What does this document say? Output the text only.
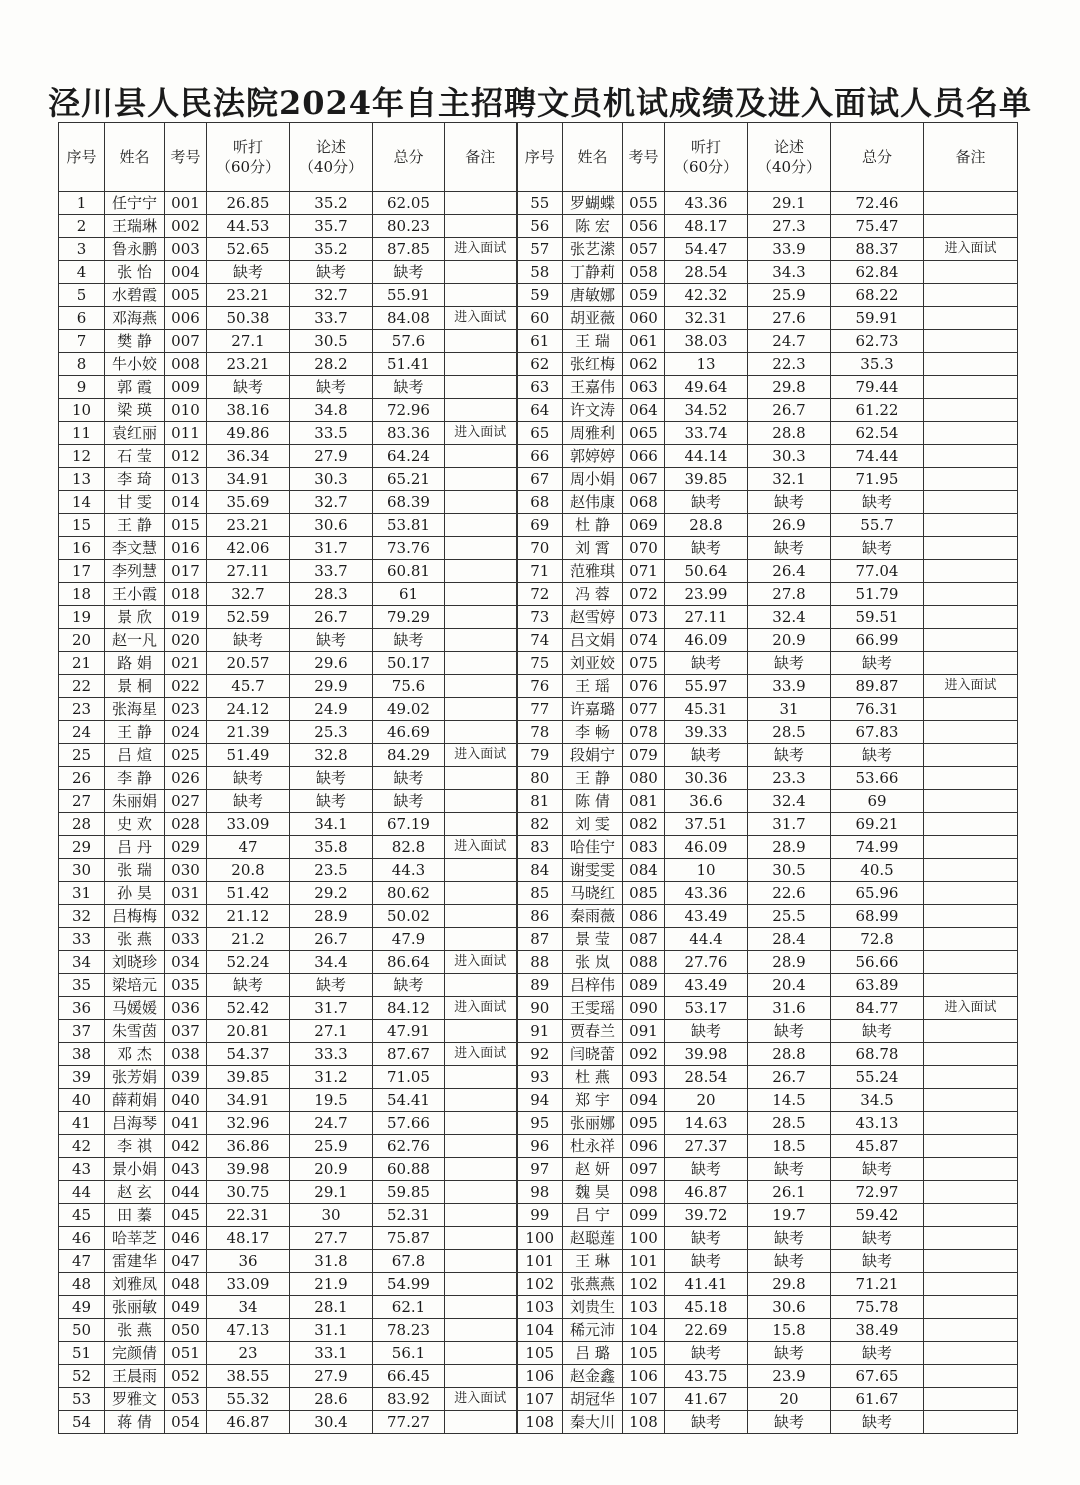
泾川县人民法院2024年自主招聘文员机试成绩及进入面试人员名单
序号	姓名	考号	听打
（60分）	论述
（40分）	总分	备注	序号	姓名	考号	听打
（60分）	论述
（40分）	总分	备注
1	任宁宁	001	26.85	35.2	62.05		55	罗蝴蝶	055	43.36	29.1	72.46	
2	王瑞琳	002	44.53	35.7	80.23		56	陈 宏	056	48.17	27.3	75.47	
3	鲁永鹏	003	52.65	35.2	87.85	进入面试	57	张艺潆	057	54.47	33.9	88.37	进入面试
4	张 怡	004	缺考	缺考	缺考		58	丁静莉	058	28.54	34.3	62.84	
5	水碧霞	005	23.21	32.7	55.91		59	唐敏娜	059	42.32	25.9	68.22	
6	邓海燕	006	50.38	33.7	84.08	进入面试	60	胡亚薇	060	32.31	27.6	59.91	
7	樊 静	007	27.1	30.5	57.6		61	王 瑞	061	38.03	24.7	62.73	
8	牛小姣	008	23.21	28.2	51.41		62	张红梅	062	13	22.3	35.3	
9	郭 霞	009	缺考	缺考	缺考		63	王嘉伟	063	49.64	29.8	79.44	
10	梁 瑛	010	38.16	34.8	72.96		64	许文涛	064	34.52	26.7	61.22	
11	袁红丽	011	49.86	33.5	83.36	进入面试	65	周雅利	065	33.74	28.8	62.54	
12	石 莹	012	36.34	27.9	64.24		66	郭婷婷	066	44.14	30.3	74.44	
13	李 琦	013	34.91	30.3	65.21		67	周小娟	067	39.85	32.1	71.95	
14	甘 雯	014	35.69	32.7	68.39		68	赵伟康	068	缺考	缺考	缺考	
15	王 静	015	23.21	30.6	53.81		69	杜 静	069	28.8	26.9	55.7	
16	李文慧	016	42.06	31.7	73.76		70	刘 霄	070	缺考	缺考	缺考	
17	李列慧	017	27.11	33.7	60.81		71	范雅琪	071	50.64	26.4	77.04	
18	王小霞	018	32.7	28.3	61		72	冯 蓉	072	23.99	27.8	51.79	
19	景 欣	019	52.59	26.7	79.29		73	赵雪婷	073	27.11	32.4	59.51	
20	赵一凡	020	缺考	缺考	缺考		74	吕文娟	074	46.09	20.9	66.99	
21	路 娟	021	20.57	29.6	50.17		75	刘亚姣	075	缺考	缺考	缺考	
22	景 桐	022	45.7	29.9	75.6		76	王 瑶	076	55.97	33.9	89.87	进入面试
23	张海星	023	24.12	24.9	49.02		77	许嘉璐	077	45.31	31	76.31	
24	王 静	024	21.39	25.3	46.69		78	李 畅	078	39.33	28.5	67.83	
25	吕 煊	025	51.49	32.8	84.29	进入面试	79	段娟宁	079	缺考	缺考	缺考	
26	李 静	026	缺考	缺考	缺考		80	王 静	080	30.36	23.3	53.66	
27	朱丽娟	027	缺考	缺考	缺考		81	陈 倩	081	36.6	32.4	69	
28	史 欢	028	33.09	34.1	67.19		82	刘 雯	082	37.51	31.7	69.21	
29	吕 丹	029	47	35.8	82.8	进入面试	83	哈佳宁	083	46.09	28.9	74.99	
30	张 瑞	030	20.8	23.5	44.3		84	谢雯雯	084	10	30.5	40.5	
31	孙 昊	031	51.42	29.2	80.62		85	马晓红	085	43.36	22.6	65.96	
32	吕梅梅	032	21.12	28.9	50.02		86	秦雨薇	086	43.49	25.5	68.99	
33	张 燕	033	21.2	26.7	47.9		87	景 莹	087	44.4	28.4	72.8	
34	刘晓珍	034	52.24	34.4	86.64	进入面试	88	张 岚	088	27.76	28.9	56.66	
35	梁培元	035	缺考	缺考	缺考		89	吕梓伟	089	43.49	20.4	63.89	
36	马媛媛	036	52.42	31.7	84.12	进入面试	90	王雯瑶	090	53.17	31.6	84.77	进入面试
37	朱雪茵	037	20.81	27.1	47.91		91	贾春兰	091	缺考	缺考	缺考	
38	邓 杰	038	54.37	33.3	87.67	进入面试	92	闫晓蕾	092	39.98	28.8	68.78	
39	张芳娟	039	39.85	31.2	71.05		93	杜 燕	093	28.54	26.7	55.24	
40	薛莉娟	040	34.91	19.5	54.41		94	郑 宇	094	20	14.5	34.5	
41	吕海琴	041	32.96	24.7	57.66		95	张丽娜	095	14.63	28.5	43.13	
42	李 祺	042	36.86	25.9	62.76		96	杜永祥	096	27.37	18.5	45.87	
43	景小娟	043	39.98	20.9	60.88		97	赵 妍	097	缺考	缺考	缺考	
44	赵 玄	044	30.75	29.1	59.85		98	魏 昊	098	46.87	26.1	72.97	
45	田 蓁	045	22.31	30	52.31		99	吕 宁	099	39.72	19.7	59.42	
46	哈莘芝	046	48.17	27.7	75.87		100	赵聪莲	100	缺考	缺考	缺考	
47	雷建华	047	36	31.8	67.8		101	王 琳	101	缺考	缺考	缺考	
48	刘雅凤	048	33.09	21.9	54.99		102	张燕燕	102	41.41	29.8	71.21	
49	张丽敏	049	34	28.1	62.1		103	刘贵生	103	45.18	30.6	75.78	
50	张 燕	050	47.13	31.1	78.23		104	稀元沛	104	22.69	15.8	38.49	
51	完颜倩	051	23	33.1	56.1		105	吕 璐	105	缺考	缺考	缺考	
52	王晨雨	052	38.55	27.9	66.45		106	赵金鑫	106	43.75	23.9	67.65	
53	罗雅文	053	55.32	28.6	83.92	进入面试	107	胡冠华	107	41.67	20	61.67	
54	蒋 倩	054	46.87	30.4	77.27		108	秦大川	108	缺考	缺考	缺考	
